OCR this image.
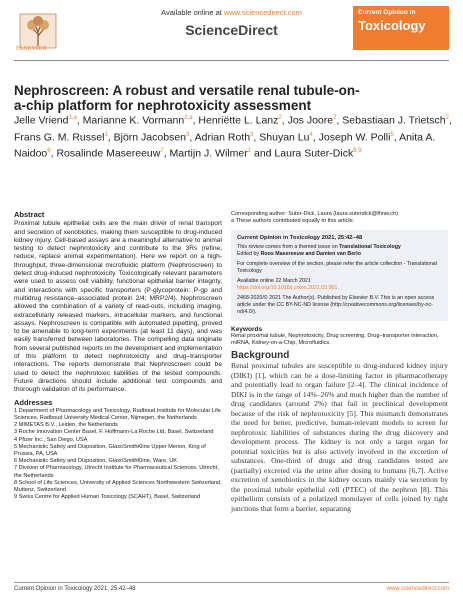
ELSEVIER
Available online at www.sciencedirect.com
ScienceDirect
Current Opinion in
Toxicology
Nephroscreen: A robust and versatile renal tubule-on-a-chip platform for nephrotoxicity assessment
Jelle Vriend$^{1,a}$, Marianne K. Vormann$^{2,a}$, Henriëtte L. Lanz$^2$, Jos Joore$^2$, Sebastiaan J. Trietsch$^2$, Frans G. M. Russel$^1$, Björn Jacobsen$^3$, Adrian Roth$^3$, Shuyan Lu$^4$, Joseph W. Polli$^5$, Anita A. Naidoo$^6$, Rosalinde Masereeuw$^7$, Martijn J. Wilmer$^1$ and Laura Suter-Dick$^{8,9}$
Abstract

Proximal tubule epithelial cells are the main driver of renal transport and secretion of xenobiotics, making them susceptible to drug-induced kidney injury. Cell-based assays are a meaningful alternative to animal testing to detect nephrotoxicity and contribute to the 3Rs (refine, reduce, replace animal experimentation). Here we report on a high-throughput, three-dimensional microfluidic platform (Nephroscreen) to detect drug-induced nephrotoxicity. Toxicologically relevant parameters were used to assess cell viability, functional epithelial barrier integrity, and interactions with specific transporters (P-glycoprotein: P-gp and multidrug resistance–associated protein 2/4; MRP2/4). Nephroscreen allowed the combination of a variety of read-outs, including imaging, extracellularly released markers, intracellular markers, and functional assays. Nephroscreen is compatible with automated pipetting, proved to be amenable to long-term experiments (at least 11 days), and was easily transferred between laboratories. The compelling data originate from several published reports on the development and implementation of this platform to detect nephrotoxicity and drug–transporter interactions. The reports demonstrate that Nephroscreen could be used to detect the nephrotoxic liabilities of the tested compounds. Future directions should include additional test compounds and thorough validation of its performance.

Addresses
1 Department of Pharmacology and Toxicology, Radboud Institute for Molecular Life Sciences, Radboud University Medical Center, Nijmegen, the Netherlands
2 MIMETAS B.V., Leiden, the Netherlands
3 Roche Innovation Center Basel, F. Hoffmann-La Roche Ltd, Basel, Switzerland
4 Pfizer Inc., San Diego, USA
5 Mechanistic Safety and Disposition, GlaxoSmithKline Upper Merion, King of Prussia, PA, USA
6 Mechanistic Safety and Disposition, GlaxoSmithKline, Ware, UK
7 Division of Pharmacology, Utrecht Institute for Pharmaceutical Sciences, Utrecht, the Netherlands
8 School of Life Sciences, University of Applied Sciences Northwestern Switzerland, Muttenz, Switzerland
9 Swiss Centre for Applied Human Toxicology (SCAHT), Basel, Switzerland
Corresponding author: Suter-Dick, Laura (laura.suterdick@fhnw.ch)
a These authors contributed equally to this article.
Current Opinion in Toxicology 2021, 25:42–48
This review comes from a themed issue on Translational Toxicology
Edited by Roos Masereeuw and Damien van Berlo
For complete overview of the section, please refer the article collection - Translational Toxicology
Available online 22 March 2021
https://doi.org/10.1016/j.cotox.2021.03.001
2468-2020/© 2021 The Author(s). Published by Elsevier B.V. This is an open access article under the CC BY-NC-ND license (http://creativecommons.org/licenses/by-nc-nd/4.0/).
Keywords
Renal proximal tubule, Nephrotoxicity, Drug screening, Drug–transporter interaction, miRNA, Kidney-on-a-Chip, Microfluidics.
Background

Renal proximal tubules are susceptible to drug-induced kidney injury (DIKI) [1], which can be a dose-limiting factor in pharmacotherapy and potentially lead to organ failure [2–4]. The clinical incidence of DIKI is in the range of 14%–26% and much higher than the number of drug candidates (around 2%) that fail in preclinical development because of the risk of nephrotoxicity [5]. This mismatch demonstrates the need for better, predictive, human-relevant models to screen for nephrotoxic liabilities of substances during the drug discovery and development process. The kidney is not only a target organ for potential toxicities but is also actively involved in the excretion of substances. One-third of drugs and drug candidates tested are (partially) excreted via the urine after dosing to humans [6,7]. Active excretion of xenobiotics in the kidney occurs mainly via secretion by the proximal tubule epithelial cell (PTEC) of the nephron [8]. This epithelium consists of a polarized monolayer of cells joined by tight junctions that form a barrier, separating

Current Opinion in Toxicology 2021, 25:42–48	www.sciencedirect.com
